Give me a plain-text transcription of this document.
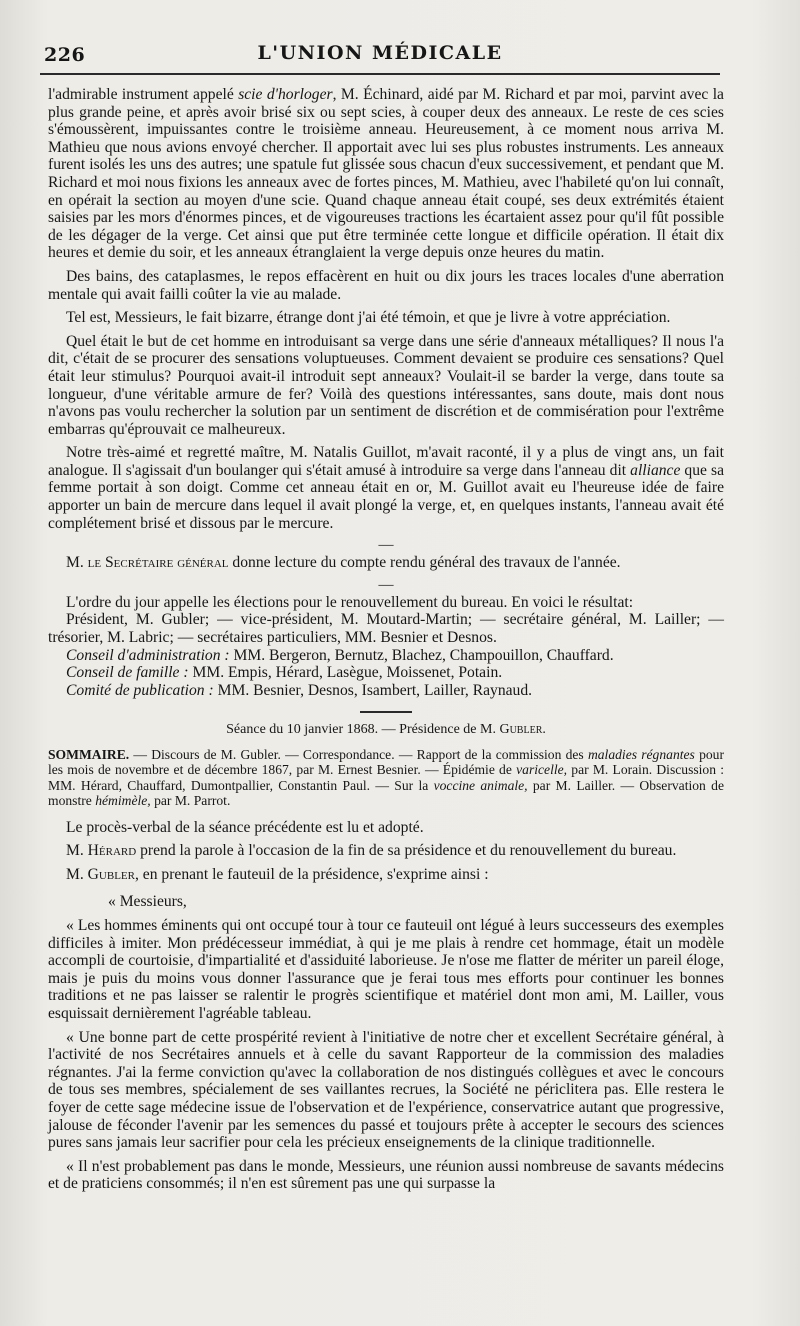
226	L'UNION MÉDICALE

l'admirable instrument appelé scie d'horloger, M. Échinard, aidé par M. Richard et par moi, parvint avec la plus grande peine, et après avoir brisé six ou sept scies, à couper deux des anneaux. Le reste de ces scies s'émoussèrent, impuissantes contre le troisième anneau. Heureusement, à ce moment nous arriva M. Mathieu que nous avions envoyé chercher. Il apportait avec lui ses plus robustes instruments. Les anneaux furent isolés les uns des autres; une spatule fut glissée sous chacun d'eux successivement, et pendant que M. Richard et moi nous fixions les anneaux avec de fortes pinces, M. Mathieu, avec l'habileté qu'on lui connaît, en opérait la section au moyen d'une scie. Quand chaque anneau était coupé, ses deux extrémités étaient saisies par les mors d'énormes pinces, et de vigoureuses tractions les écartaient assez pour qu'il fût possible de les dégager de la verge. Cet ainsi que put être terminée cette longue et difficile opération. Il était dix heures et demie du soir, et les anneaux étranglaient la verge depuis onze heures du matin.

Des bains, des cataplasmes, le repos effacèrent en huit ou dix jours les traces locales d'une aberration mentale qui avait failli coûter la vie au malade.

Tel est, Messieurs, le fait bizarre, étrange dont j'ai été témoin, et que je livre à votre appréciation.

Quel était le but de cet homme en introduisant sa verge dans une série d'anneaux métalliques? Il nous l'a dit, c'était de se procurer des sensations voluptueuses. Comment devaient se produire ces sensations? Quel était leur stimulus? Pourquoi avait-il introduit sept anneaux? Voulait-il se barder la verge, dans toute sa longueur, d'une véritable armure de fer? Voilà des questions intéressantes, sans doute, mais dont nous n'avons pas voulu rechercher la solution par un sentiment de discrétion et de commisération pour l'extrême embarras qu'éprouvait ce malheureux.

Notre très-aimé et regretté maître, M. Natalis Guillot, m'avait raconté, il y a plus de vingt ans, un fait analogue. Il s'agissait d'un boulanger qui s'était amusé à introduire sa verge dans l'anneau dit alliance que sa femme portait à son doigt. Comme cet anneau était en or, M. Guillot avait eu l'heureuse idée de faire apporter un bain de mercure dans lequel il avait plongé la verge, et, en quelques instants, l'anneau avait été complétement brisé et dissous par le mercure.

—

M. le Secrétaire général donne lecture du compte rendu général des travaux de l'année.

—

L'ordre du jour appelle les élections pour le renouvellement du bureau. En voici le résultat:

Président, M. Gubler; — vice-président, M. Moutard-Martin; — secrétaire général, M. Lailler; — trésorier, M. Labric; — secrétaires particuliers, MM. Besnier et Desnos.

Conseil d'administration : MM. Bergeron, Bernutz, Blachez, Champouillon, Chauffard.

Conseil de famille : MM. Empis, Hérard, Lasègue, Moissenet, Potain.

Comité de publication : MM. Besnier, Desnos, Isambert, Lailler, Raynaud.

Séance du 10 janvier 1868. — Présidence de M. Gubler.

SOMMAIRE. — Discours de M. Gubler. — Correspondance. — Rapport de la commission des maladies régnantes pour les mois de novembre et de décembre 1867, par M. Ernest Besnier. — Épidémie de varicelle, par M. Lorain. Discussion : MM. Hérard, Chauffard, Dumontpallier, Constantin Paul. — Sur la voccine animale, par M. Lailler. — Observation de monstre hémimèle, par M. Parrot.

Le procès-verbal de la séance précédente est lu et adopté.

M. Hérard prend la parole à l'occasion de la fin de sa présidence et du renouvellement du bureau.

M. Gubler, en prenant le fauteuil de la présidence, s'exprime ainsi :

« Messieurs,

« Les hommes éminents qui ont occupé tour à tour ce fauteuil ont légué à leurs successeurs des exemples difficiles à imiter. Mon prédécesseur immédiat, à qui je me plais à rendre cet hommage, était un modèle accompli de courtoisie, d'impartialité et d'assiduité laborieuse. Je n'ose me flatter de mériter un pareil éloge, mais je puis du moins vous donner l'assurance que je ferai tous mes efforts pour continuer les bonnes traditions et ne pas laisser se ralentir le progrès scientifique et matériel dont mon ami, M. Lailler, vous esquissait dernièrement l'agréable tableau.

« Une bonne part de cette prospérité revient à l'initiative de notre cher et excellent Secrétaire général, à l'activité de nos Secrétaires annuels et à celle du savant Rapporteur de la commission des maladies régnantes. J'ai la ferme conviction qu'avec la collaboration de nos distingués collègues et avec le concours de tous ses membres, spécialement de ses vaillantes recrues, la Société ne périclitera pas. Elle restera le foyer de cette sage médecine issue de l'observation et de l'expérience, conservatrice autant que progressive, jalouse de féconder l'avenir par les semences du passé et toujours prête à accepter le secours des sciences pures sans jamais leur sacrifier pour cela les précieux enseignements de la clinique traditionnelle.

« Il n'est probablement pas dans le monde, Messieurs, une réunion aussi nombreuse de savants médecins et de praticiens consommés; il n'en est sûrement pas une qui surpasse la
